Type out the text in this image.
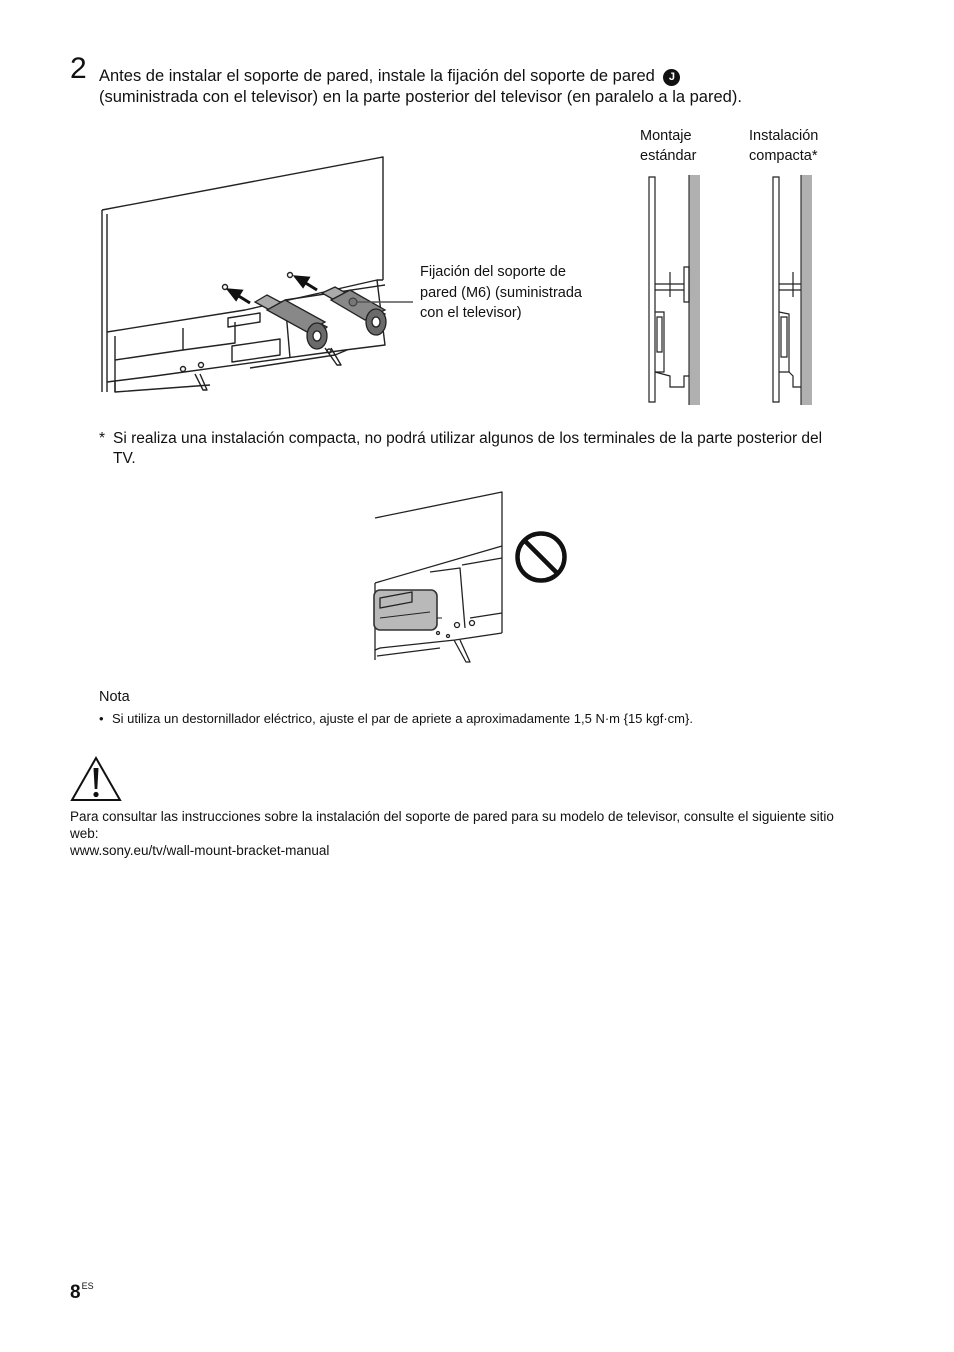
2 Antes de instalar el soporte de pared, instale la fijación del soporte de pared J
(suministrada con el televisor) en la parte posterior del televisor (en paralelo a la pared).
Fijación del soporte de pared (M6) (suministrada con el televisor)
Montaje
estándar
Instalación
compacta*
* Si realiza una instalación compacta, no podrá utilizar algunos de los terminales de la parte posterior del TV.
Nota
• Si utiliza un destornillador eléctrico, ajuste el par de apriete a aproximadamente 1,5 N·m {15 kgf·cm}.
Para consultar las instrucciones sobre la instalación del soporte de pared para su modelo de televisor, consulte el siguiente sitio web:
www.sony.eu/tv/wall-mount-bracket-manual
$8^{ES}$
